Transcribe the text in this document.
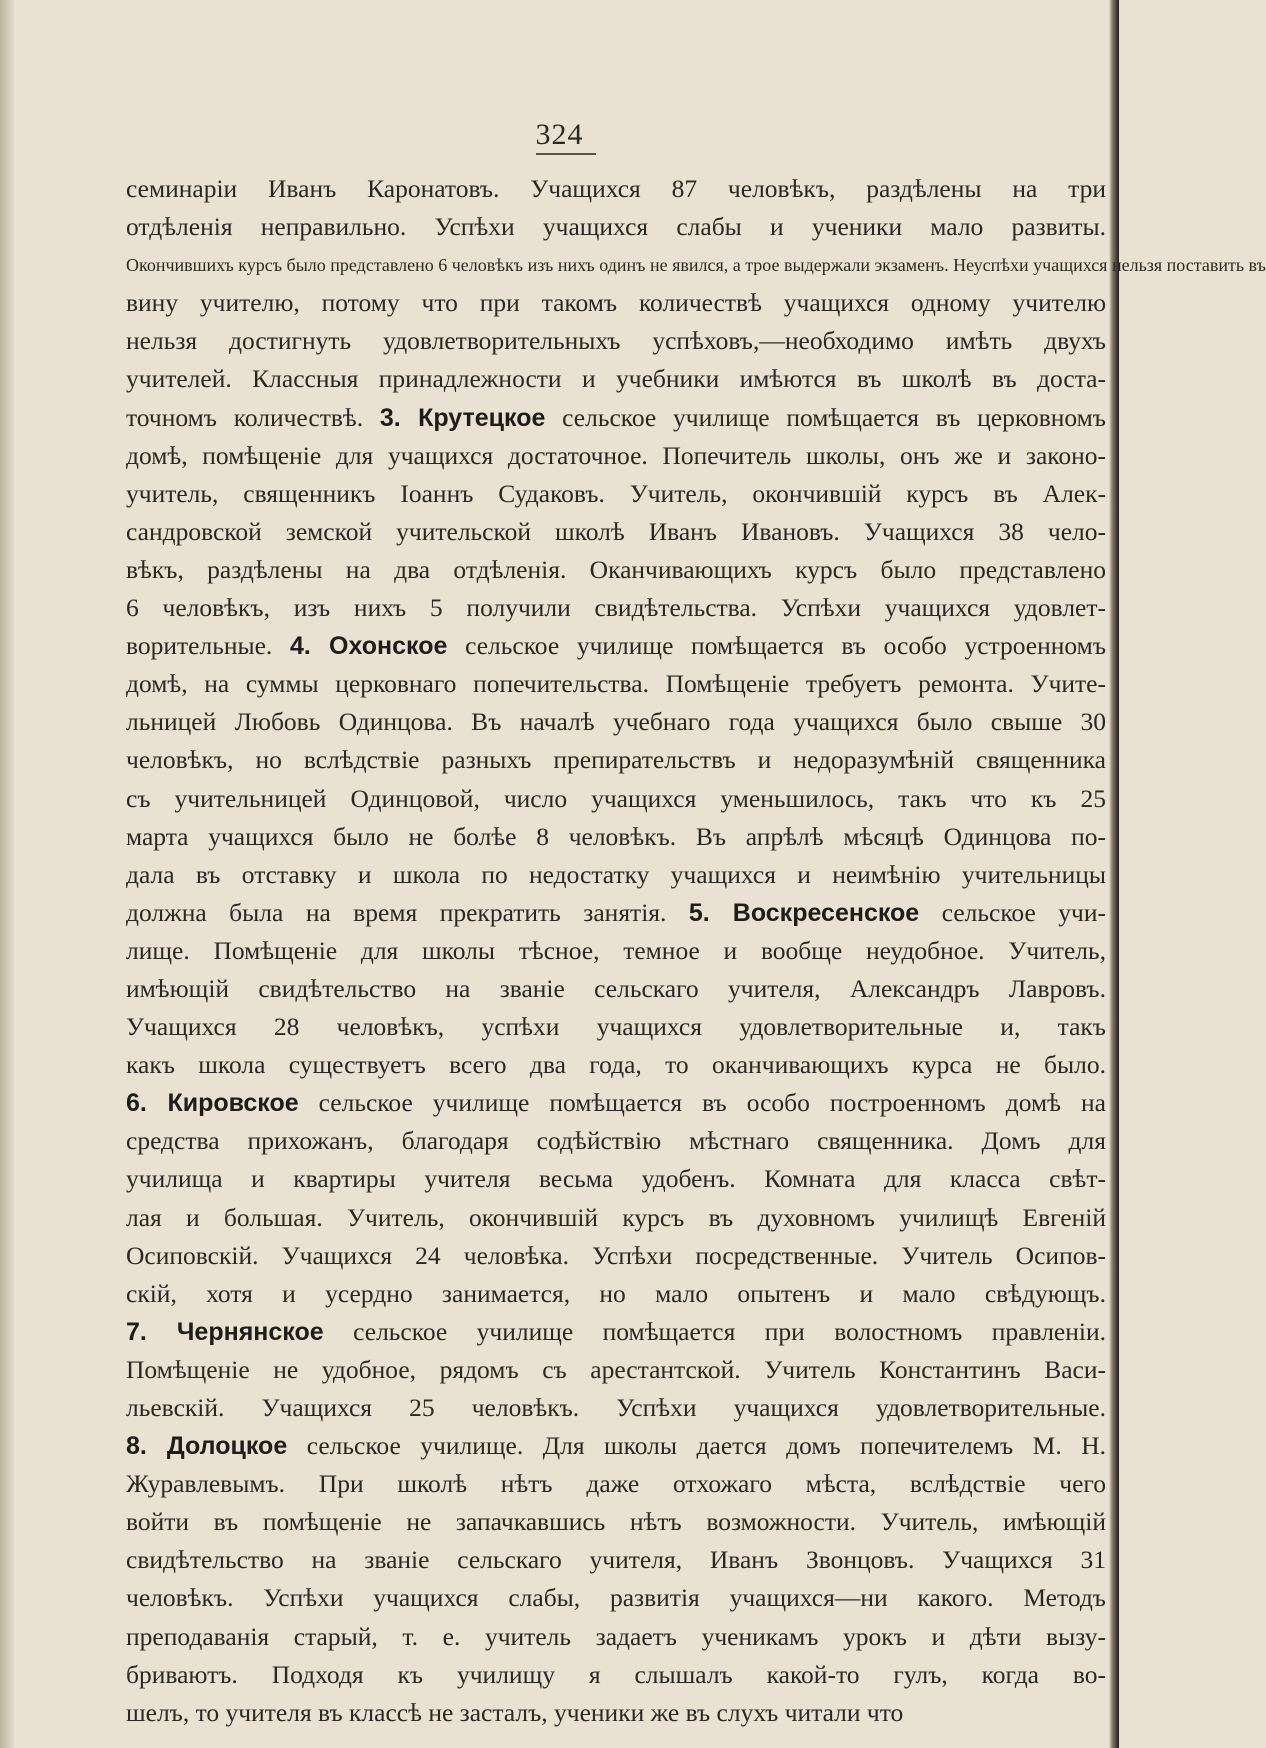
324
семинаріи Иванъ Каронатовъ. Учащихся 87 человѣкъ, раздѣлены на три
отдѣленія неправильно. Успѣхи учащихся слабы и ученики мало развиты.
Окончившихъ курсъ было представлено 6 человѣкъ изъ нихъ одинъ не явился, а трое выдержали экзаменъ. Неуспѣхи учащихся нельзя поставить въ
вину учителю, потому что при такомъ количествѣ учащихся одному учителю
нельзя достигнуть удовлетворительныхъ успѣховъ,—необходимо имѣть двухъ
учителей. Классныя принадлежности и учебники имѣются въ школѣ въ доста-
точномъ количествѣ. 3. Крутецкое сельское училище помѣщается въ церковномъ
домѣ, помѣщеніе для учащихся достаточное. Попечитель школы, онъ же и законо-
учитель, священникъ Іоаннъ Судаковъ. Учитель, окончившій курсъ въ Алек-
сандровской земской учительской школѣ Иванъ Ивановъ. Учащихся 38 чело-
вѣкъ, раздѣлены на два отдѣленія. Оканчивающихъ курсъ было представлено
6 человѣкъ, изъ нихъ 5 получили свидѣтельства. Успѣхи учащихся удовлет-
ворительные. 4. Охонское сельское училище помѣщается въ особо устроенномъ
домѣ, на суммы церковнаго попечительства. Помѣщеніе требуетъ ремонта. Учите-
льницей Любовь Одинцова. Въ началѣ учебнаго года учащихся было свыше 30
человѣкъ, но вслѣдствіе разныхъ препирательствъ и недоразумѣній священника
съ учительницей Одинцовой, число учащихся уменьшилось, такъ что къ 25
марта учащихся было не болѣе 8 человѣкъ. Въ апрѣлѣ мѣсяцѣ Одинцова по-
дала въ отставку и школа по недостатку учащихся и неимѣнію учительницы
должна была на время прекратить занятія. 5. Воскресенское сельское учи-
лище. Помѣщеніе для школы тѣсное, темное и вообще неудобное. Учитель,
имѣющій свидѣтельство на званіе сельскаго учителя, Александръ Лавровъ.
Учащихся 28 человѣкъ, успѣхи учащихся удовлетворительные и, такъ
какъ школа существуетъ всего два года, то оканчивающихъ курса не было.
6. Кировское сельское училище помѣщается въ особо построенномъ домѣ на
средства прихожанъ, благодаря содѣйствію мѣстнаго священника. Домъ для
училища и квартиры учителя весьма удобенъ. Комната для класса свѣт-
лая и большая. Учитель, окончившій курсъ въ духовномъ училищѣ Евгеній
Осиповскій. Учащихся 24 человѣка. Успѣхи посредственные. Учитель Осипов-
скій, хотя и усердно занимается, но мало опытенъ и мало свѣдующъ.
7. Чернянское сельское училище помѣщается при волостномъ правленіи.
Помѣщеніе не удобное, рядомъ съ арестантской. Учитель Константинъ Васи-
льевскій. Учащихся 25 человѣкъ. Успѣхи учащихся удовлетворительные.
8. Долоцкое сельское училище. Для школы дается домъ попечителемъ М. Н.
Журавлевымъ. При школѣ нѣтъ даже отхожаго мѣста, вслѣдствіе чего
войти въ помѣщеніе не запачкавшись нѣтъ возможности. Учитель, имѣющій
свидѣтельство на званіе сельскаго учителя, Иванъ Звонцовъ. Учащихся 31
человѣкъ. Успѣхи учащихся слабы, развитія учащихся—ни какого. Методъ
преподаванія старый, т. е. учитель задаетъ ученикамъ урокъ и дѣти вызу-
бриваютъ. Подходя къ училищу я слышалъ какой-то гулъ, когда во-
шелъ, то учителя въ классѣ не засталъ, ученики же въ слухъ читали что
